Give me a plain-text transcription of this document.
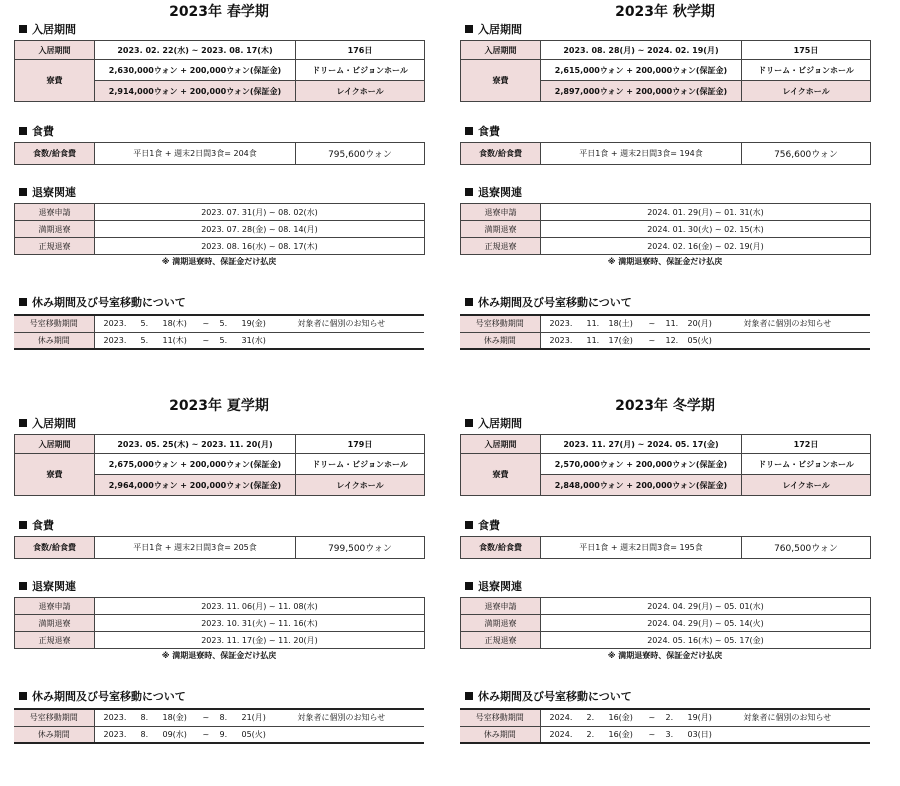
2023年 春学期
入居期間
入居期間	2023. 02. 22(水) ~ 2023. 08. 17(木)	176日
寮費	2,630,000ウォン + 200,000ウォン(保証金)	ドリーム・ビジョンホール
	2,914,000ウォン + 200,000ウォン(保証金)	レイクホール
食費
食数/給食費	平日1食 + 週末2日間3食= 204食	795,600ウォン
退寮関連
退寮申請	2023. 07. 31(月) ~ 08. 02(水)
満期退寮	2023. 07. 28(金) ~ 08. 14(月)
正規退寮	2023. 08. 16(水) ~ 08. 17(木)
※ 満期退寮時、保証金だけ払戻
休み期間及び号室移動について
号室移動期間	2023. 5. 18(木) ~ 5. 19(金) 対象者に個別のお知らせ
休み期間	2023. 5. 11(木) ~ 5. 31(水)
2023年 秋学期
入居期間
入居期間	2023. 08. 28(月) ~ 2024. 02. 19(月)	175日
寮費	2,615,000ウォン + 200,000ウォン(保証金)	ドリーム・ビジョンホール
	2,897,000ウォン + 200,000ウォン(保証金)	レイクホール
食費
食数/給食費	平日1食 + 週末2日間3食= 194食	756,600ウォン
退寮関連
退寮申請	2024. 01. 29(月) ~ 01. 31(水)
満期退寮	2024. 01. 30(火) ~ 02. 15(木)
正規退寮	2024. 02. 16(金) ~ 02. 19(月)
※ 満期退寮時、保証金だけ払戻
休み期間及び号室移動について
号室移動期間	2023. 11. 18(土) ~ 11. 20(月) 対象者に個別のお知らせ
休み期間	2023. 11. 17(金) ~ 12. 05(火)
2023年 夏学期
入居期間
入居期間	2023. 05. 25(木) ~ 2023. 11. 20(月)	179日
寮費	2,675,000ウォン + 200,000ウォン(保証金)	ドリーム・ビジョンホール
	2,964,000ウォン + 200,000ウォン(保証金)	レイクホール
食費
食数/給食費	平日1食 + 週末2日間3食= 205食	799,500ウォン
退寮関連
退寮申請	2023. 11. 06(月) ~ 11. 08(水)
満期退寮	2023. 10. 31(火) ~ 11. 16(木)
正規退寮	2023. 11. 17(金) ~ 11. 20(月)
※ 満期退寮時、保証金だけ払戻
休み期間及び号室移動について
号室移動期間	2023. 8. 18(金) ~ 8. 21(月) 対象者に個別のお知らせ
休み期間	2023. 8. 09(水) ~ 9. 05(火)
2023年 冬学期
入居期間
入居期間	2023. 11. 27(月) ~ 2024. 05. 17(金)	172日
寮費	2,570,000ウォン + 200,000ウォン(保証金)	ドリーム・ビジョンホール
	2,848,000ウォン + 200,000ウォン(保証金)	レイクホール
食費
食数/給食費	平日1食 + 週末2日間3食= 195食	760,500ウォン
退寮関連
退寮申請	2024. 04. 29(月) ~ 05. 01(水)
満期退寮	2024. 04. 29(月) ~ 05. 14(火)
正規退寮	2024. 05. 16(木) ~ 05. 17(金)
※ 満期退寮時、保証金だけ払戻
休み期間及び号室移動について
号室移動期間	2024. 2. 16(金) ~ 2. 19(月) 対象者に個別のお知らせ
休み期間	2024. 2. 16(金) ~ 3. 03(日)
